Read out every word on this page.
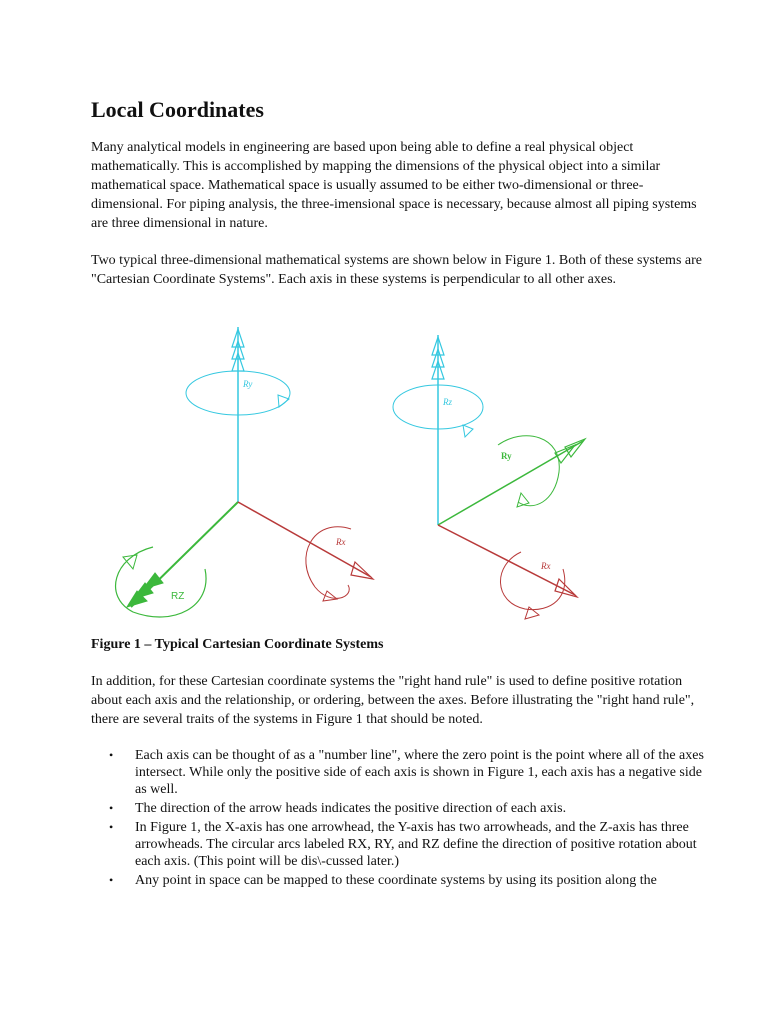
Local Coordinates

Many analytical models in engineering are based upon being able to define a real physical object mathematically. This is accomplished by mapping the dimensions of the physical object into a similar mathematical space. Mathematical space is usually assumed to be either two-dimensional or three-dimensional. For piping analysis, the three-imensional space is necessary, because almost all piping systems are three dimensional in nature.

Two typical three-dimensional mathematical systems are shown below in Figure 1. Both of these systems are "Cartesian Coordinate Systems". Each axis in these systems is perpendicular to all other axes.

Ry
RZ
Rx
Rz
Ry
Rx
Figure 1 – Typical Cartesian Coordinate Systems

In addition, for these Cartesian coordinate systems the "right hand rule" is used to define positive rotation about each axis and the relationship, or ordering, between the axes. Before illustrating the "right hand rule", there are several traits of the systems in Figure 1 that should be noted.

• Each axis can be thought of as a "number line", where the zero point is the point where all of the axes intersect. While only the positive side of each axis is shown in Figure 1, each axis has a negative side as well.
• The direction of the arrow heads indicates the positive direction of each axis.
• In Figure 1, the X-axis has one arrowhead, the Y-axis has two arrowheads, and the Z-axis has three arrowheads. The circular arcs labeled RX, RY, and RZ define the direction of positive rotation about each axis. (This point will be dis\-cussed later.)
• Any point in space can be mapped to these coordinate systems by using its position along the
